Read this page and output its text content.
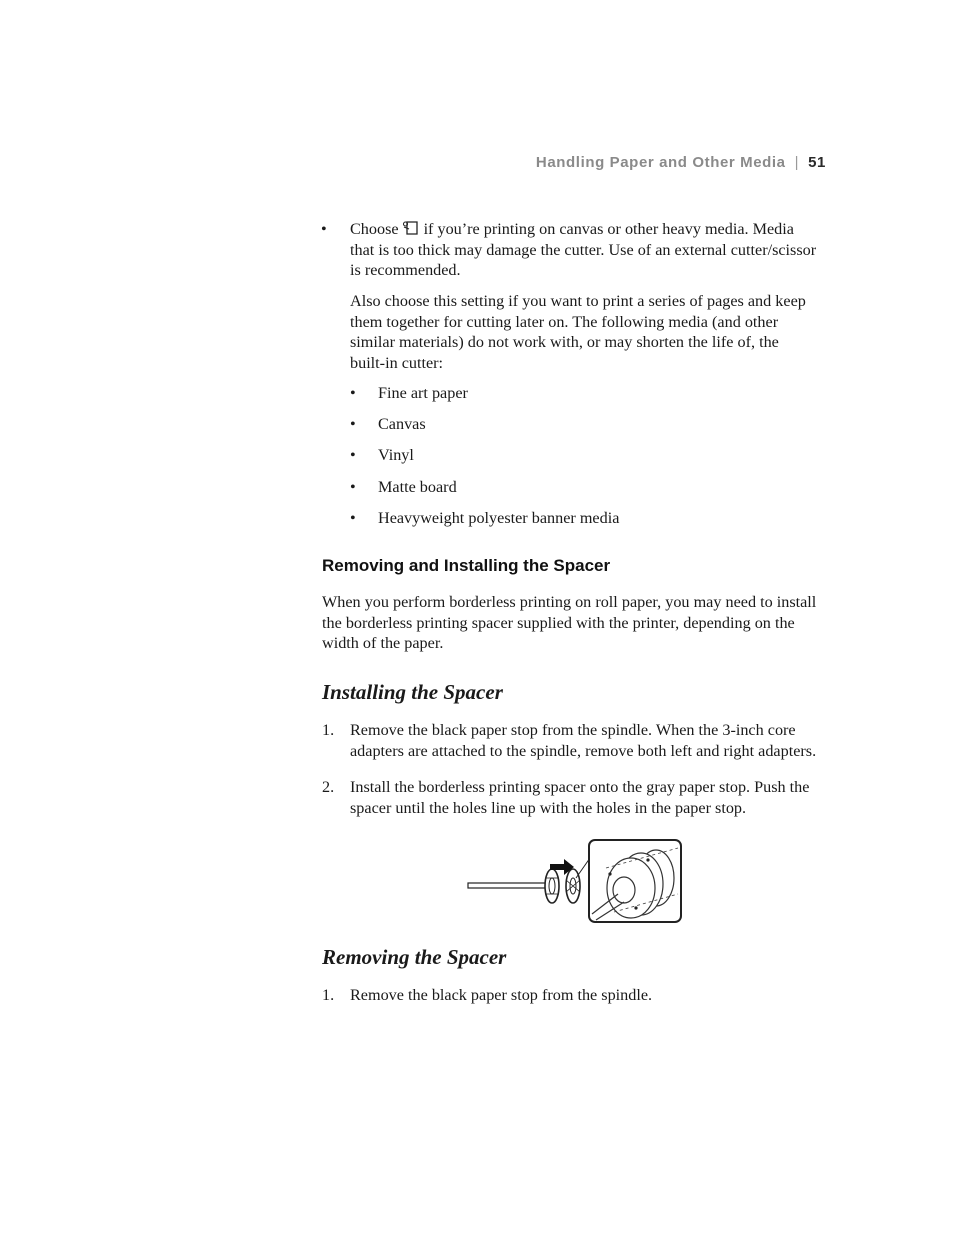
Handling Paper and Other Media | 51
• Choose if you’re printing on canvas or other heavy media. Media
that is too thick may damage the cutter. Use of an external cutter/scissor
is recommended.
Also choose this setting if you want to print a series of pages and keep
them together for cutting later on. The following media (and other
similar materials) do not work with, or may shorten the life of, the
built-in cutter:
• Fine art paper
• Canvas
• Vinyl
• Matte board
• Heavyweight polyester banner media
Removing and Installing the Spacer
When you perform borderless printing on roll paper, you may need to install
the borderless printing spacer supplied with the printer, depending on the
width of the paper.
Installing the Spacer
1. Remove the black paper stop from the spindle. When the 3-inch core
adapters are attached to the spindle, remove both left and right adapters.
2. Install the borderless printing spacer onto the gray paper stop. Push the
spacer until the holes line up with the holes in the paper stop.
Removing the Spacer
1. Remove the black paper stop from the spindle.
